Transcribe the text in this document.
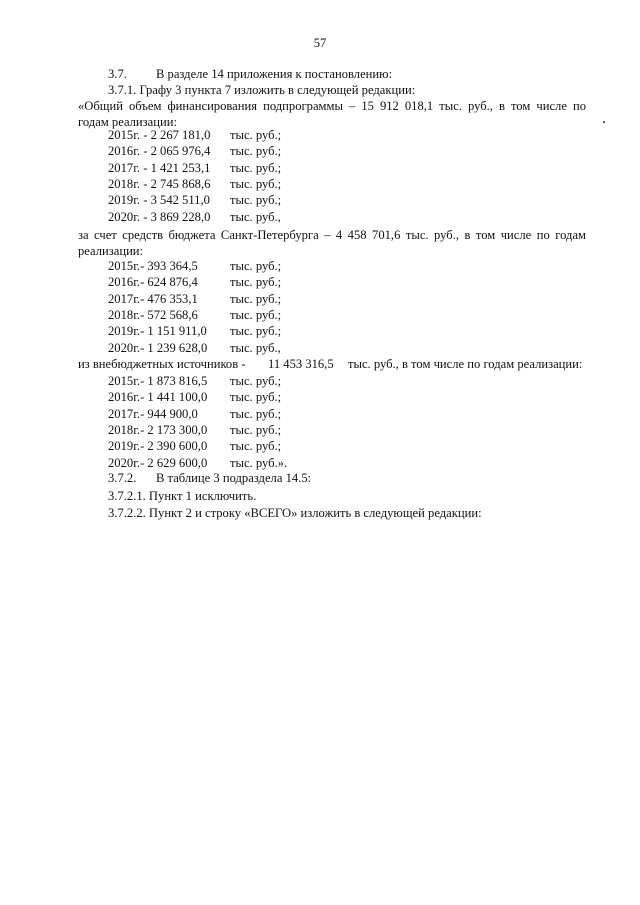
57
3.7. В разделе 14 приложения к постановлению:
3.7.1. Графу 3 пункта 7 изложить в следующей редакции:
«Общий объем финансирования подпрограммы – 15 912 018,1 тыс. руб., в том числе по
годам реализации:
2015г. - 2 267 181,0 тыс. руб.;
2016г. - 2 065 976,4 тыс. руб.;
2017г. - 1 421 253,1 тыс. руб.;
2018г. - 2 745 868,6 тыс. руб.;
2019г. - 3 542 511,0 тыс. руб.;
2020г. - 3 869 228,0 тыс. руб.,
за счет средств бюджета Санкт-Петербурга – 4 458 701,6 тыс. руб., в том числе по годам
реализации:
2015г.- 393 364,5	тыс. руб.;
2016г.- 624 876,4	тыс. руб.;
2017г.- 476 353,1	тыс. руб.;
2018г.- 572 568,6	тыс. руб.;
2019г.- 1 151 911,0 тыс. руб.;
2020г.- 1 239 628,0 тыс. руб.,
из внебюджетных источников - 11 453 316,5 тыс. руб., в том числе по годам реализации:
2015г.- 1 873 816,5 тыс. руб.;
2016г.- 1 441 100,0 тыс. руб.;
2017г.- 944 900,0	тыс. руб.;
2018г.- 2 173 300,0 тыс. руб.;
2019г.- 2 390 600,0 тыс. руб.;
2020г.- 2 629 600,0 тыс. руб.».
3.7.2. В таблице 3 подраздела 14.5:
3.7.2.1. Пункт 1 исключить.
3.7.2.2. Пункт 2 и строку «ВСЕГО» изложить в следующей редакции:
